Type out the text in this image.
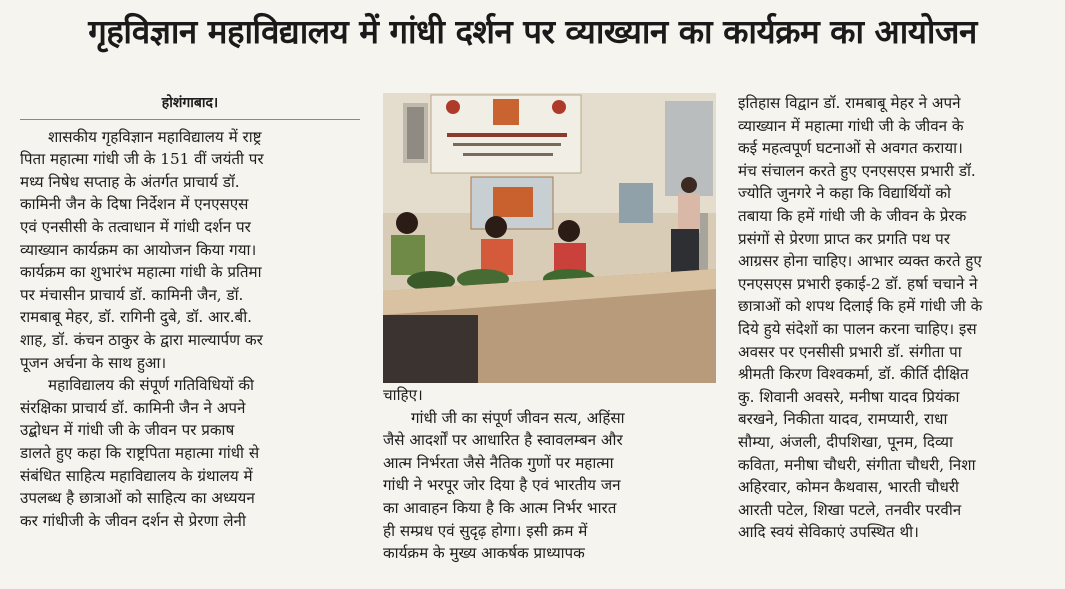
गृहविज्ञान महाविद्यालय में गांधी दर्शन पर व्याख्यान का कार्यक्रम का आयोजन
होशंगाबाद।
शासकीय गृहविज्ञान महाविद्यालय में राष्ट्र
पिता महात्मा गांधी जी के 151 वीं जयंती पर
मध्य निषेध सप्ताह के अंतर्गत प्राचार्य डॉ.
कामिनी जैन के दिषा निर्देशन में एनएसएस
एवं एनसीसी के तत्वाधान में गांधी दर्शन पर
व्याख्यान कार्यक्रम का आयोजन किया गया।
कार्यक्रम का शुभारंभ महात्मा गांधी के प्रतिमा
पर मंचासीन प्राचार्य डॉ. कामिनी जैन, डॉ.
रामबाबू मेहर, डॉ. रागिनी दुबे, डॉ. आर.बी.
शाह, डॉ. कंचन ठाकुर के द्वारा माल्यार्पण कर
पूजन अर्चना के साथ हुआ।
महाविद्यालय की संपूर्ण गतिविधियों की
संरक्षिका प्राचार्य डॉ. कामिनी जैन ने अपने
उद्बोधन में गांधी जी के जीवन पर प्रकाष
डालते हुए कहा कि राष्ट्रपिता महात्मा गांधी से
संबंधित साहित्य महाविद्यालय के ग्रंथालय में
उपलब्ध है छात्राओं को साहित्य का अध्ययन
कर गांधीजी के जीवन दर्शन से प्रेरणा लेनी
चाहिए।
गांधी जी का संपूर्ण जीवन सत्य, अहिंसा
जैसे आदर्शों पर आधारित है स्वावलम्बन और
आत्म निर्भरता जैसे नैतिक गुणों पर महात्मा
गांधी ने भरपूर जोर दिया है एवं भारतीय जन
का आवाहन किया है कि आत्म निर्भर भारत
ही सम्प्रध एवं सुदृढ़ होगा। इसी क्रम में
कार्यक्रम के मुख्य आकर्षक प्राध्यापक
इतिहास विद्वान डॉ. रामबाबू मेहर ने अपने
व्याख्यान में महात्मा गांधी जी के जीवन के
कई महत्वपूर्ण घटनाओं से अवगत कराया।
मंच संचालन करते हुए एनएसएस प्रभारी डॉ.
ज्योति जुनगरे ने कहा कि विद्यार्थियों को
तबाया कि हमें गांधी जी के जीवन के प्रेरक
प्रसंगों से प्रेरणा प्राप्त कर प्रगति पथ पर
आग्रसर होना चाहिए। आभार व्यक्त करते हुए
एनएसएस प्रभारी इकाई-2 डॉ. हर्षा चचाने ने
छात्राओं को शपथ दिलाई कि हमें गांधी जी के
दिये हुये संदेशों का पालन करना चाहिए। इस
अवसर पर एनसीसी प्रभारी डॉ. संगीता पा
श्रीमती किरण विश्वकर्मा, डॉ. कीर्ति दीक्षित
कु. शिवानी अवसरे, मनीषा यादव प्रियंका
बरखने, निकीता यादव, रामप्यारी, राधा
सौम्या, अंजली, दीपशिखा, पूनम, दिव्या
कविता, मनीषा चौधरी, संगीता चौधरी, निशा
अहिरवार, कोमन कैथवास, भारती चौधरी
आरती पटेल, शिखा पटले, तनवीर परवीन
आदि स्वयं सेविकाएं उपस्थित थी।
